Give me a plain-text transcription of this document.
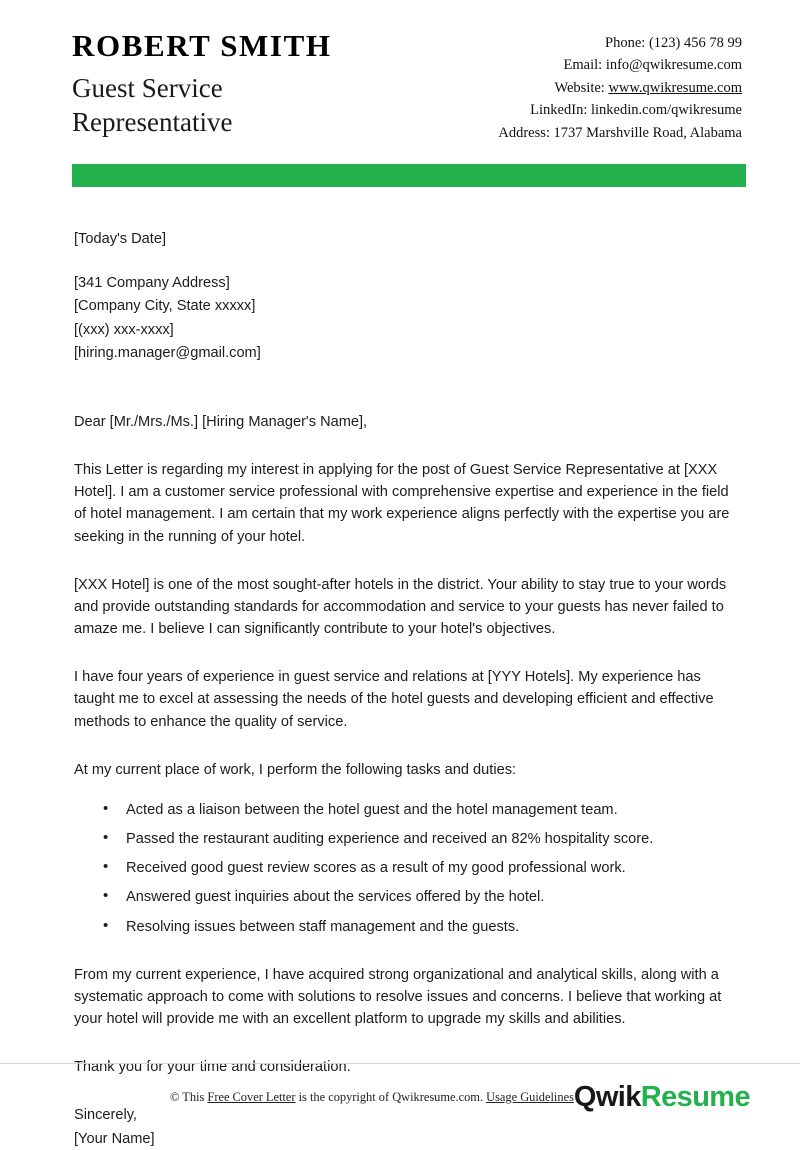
ROBERT SMITH
Guest Service Representative
Phone: (123) 456 78 99
Email: info@qwikresume.com
Website: www.qwikresume.com
LinkedIn: linkedin.com/qwikresume
Address: 1737 Marshville Road, Alabama
[Today's Date]
[341 Company Address]
[Company City, State xxxxx]
[(xxx) xxx-xxxx]
[hiring.manager@gmail.com]
Dear [Mr./Mrs./Ms.] [Hiring Manager's Name],

This Letter is regarding my interest in applying for the post of Guest Service Representative at [XXX Hotel]. I am a customer service professional with comprehensive expertise and experience in the field of hotel management. I am certain that my work experience aligns perfectly with the expertise you are seeking in the running of your hotel.

[XXX Hotel] is one of the most sought-after hotels in the district. Your ability to stay true to your words and provide outstanding standards for accommodation and service to your guests has never failed to amaze me. I believe I can significantly contribute to your hotel's objectives.

I have four years of experience in guest service and relations at [YYY Hotels]. My experience has taught me to excel at assessing the needs of the hotel guests and developing efficient and effective methods to enhance the quality of service.

At my current place of work, I perform the following tasks and duties:

• Acted as a liaison between the hotel guest and the hotel management team.
• Passed the restaurant auditing experience and received an 82% hospitality score.
• Received good guest review scores as a result of my good professional work.
• Answered guest inquiries about the services offered by the hotel.
• Resolving issues between staff management and the guests.

From my current experience, I have acquired strong organizational and analytical skills, along with a systematic approach to come with solutions to resolve issues and concerns. I believe that working at your hotel will provide me with an excellent platform to upgrade my skills and abilities.

Thank you for your time and consideration.

Sincerely,

[Your Name]
© This Free Cover Letter is the copyright of Qwikresume.com. Usage Guidelines Qwik Resume
